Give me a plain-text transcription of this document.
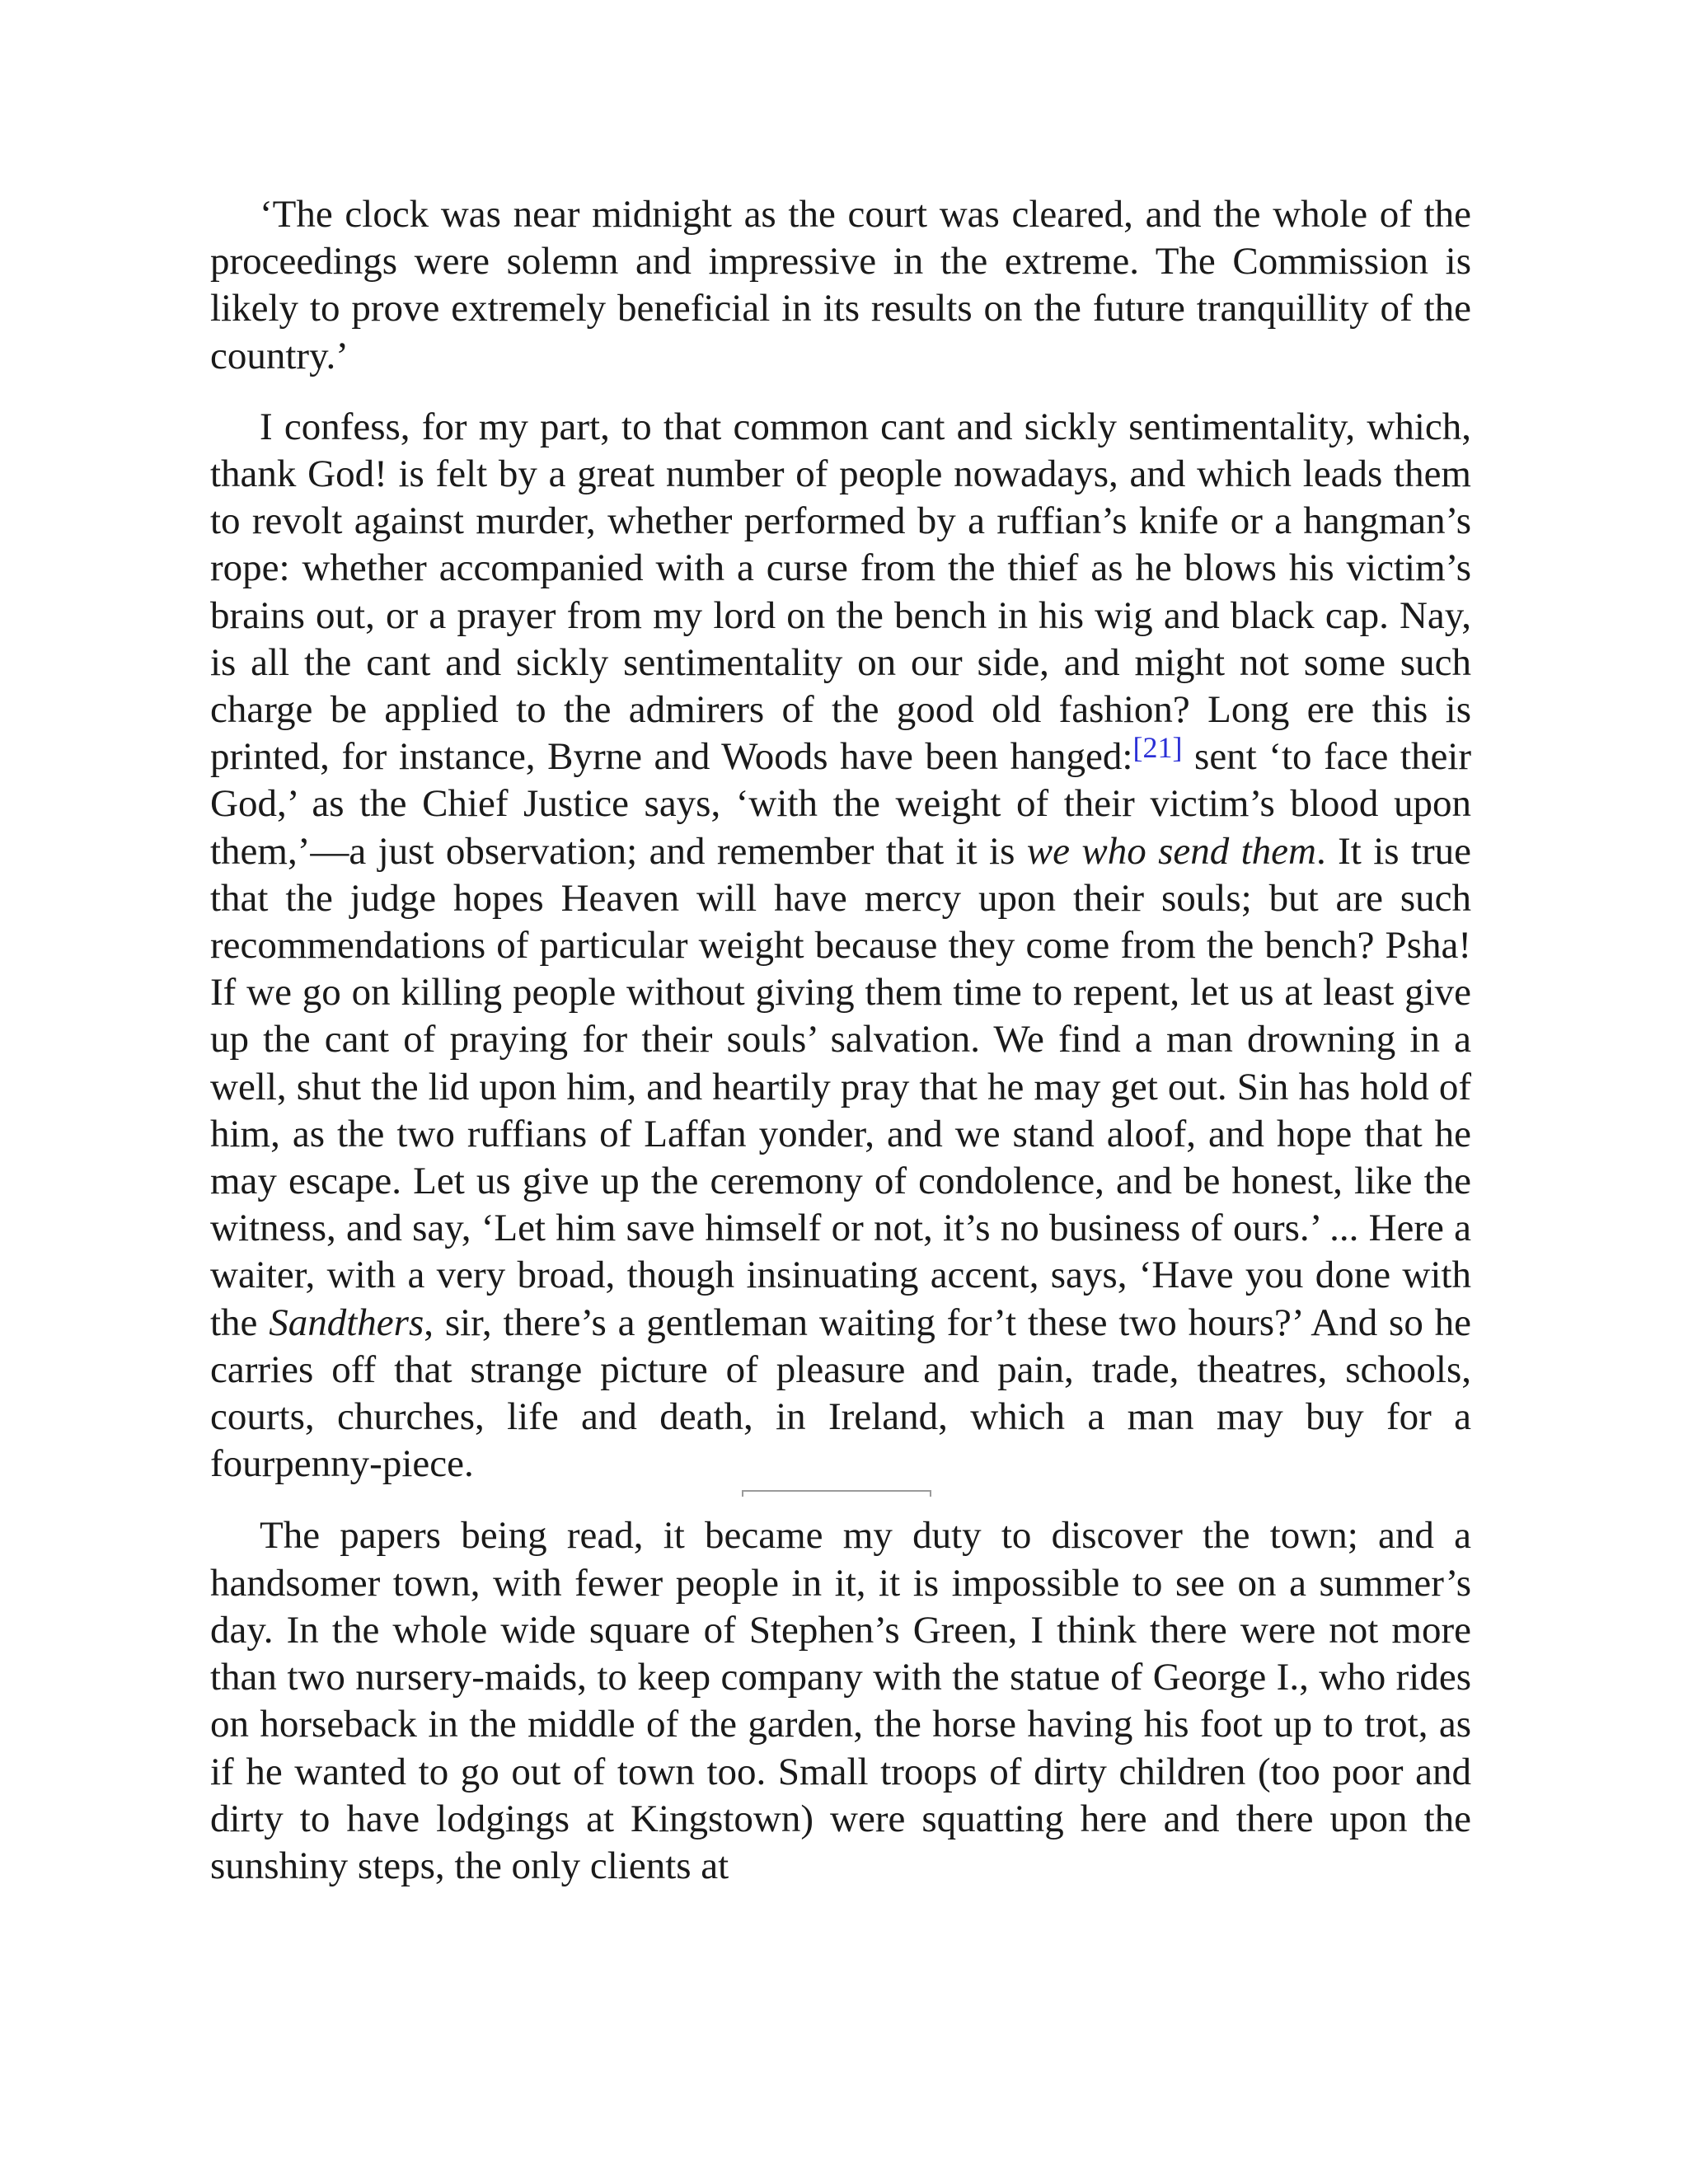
‘The clock was near midnight as the court was cleared, and the whole of the proceedings were solemn and impressive in the extreme. The Commission is likely to prove extremely beneficial in its results on the future tranquillity of the country.’

I confess, for my part, to that common cant and sickly sentimentality, which, thank God! is felt by a great number of people nowadays, and which leads them to revolt against murder, whether performed by a ruffian’s knife or a hangman’s rope: whether accompanied with a curse from the thief as he blows his victim’s brains out, or a prayer from my lord on the bench in his wig and black cap. Nay, is all the cant and sickly sentimentality on our side, and might not some such charge be applied to the admirers of the good old fashion? Long ere this is printed, for instance, Byrne and Woods have been hanged:[21] sent ‘to face their God,’ as the Chief Justice says, ‘with the weight of their victim’s blood upon them,’—a just observation; and remember that it is we who send them. It is true that the judge hopes Heaven will have mercy upon their souls; but are such recommendations of particular weight because they come from the bench? Psha! If we go on killing people without giving them time to repent, let us at least give up the cant of praying for their souls’ salvation. We find a man drowning in a well, shut the lid upon him, and heartily pray that he may get out. Sin has hold of him, as the two ruffians of Laffan yonder, and we stand aloof, and hope that he may escape. Let us give up the ceremony of condolence, and be honest, like the witness, and say, ‘Let him save himself or not, it’s no business of ours.’ ... Here a waiter, with a very broad, though insinuating accent, says, ‘Have you done with the Sandthers, sir, there’s a gentleman waiting for’t these two hours?’ And so he carries off that strange picture of pleasure and pain, trade, theatres, schools, courts, churches, life and death, in Ireland, which a man may buy for a fourpenny-piece.

The papers being read, it became my duty to discover the town; and a handsomer town, with fewer people in it, it is impossible to see on a summer’s day. In the whole wide square of Stephen’s Green, I think there were not more than two nursery-maids, to keep company with the statue of George I., who rides on horseback in the middle of the garden, the horse having his foot up to trot, as if he wanted to go out of town too. Small troops of dirty children (too poor and dirty to have lodgings at Kingstown) were squatting here and there upon the sunshiny steps, the only clients at
